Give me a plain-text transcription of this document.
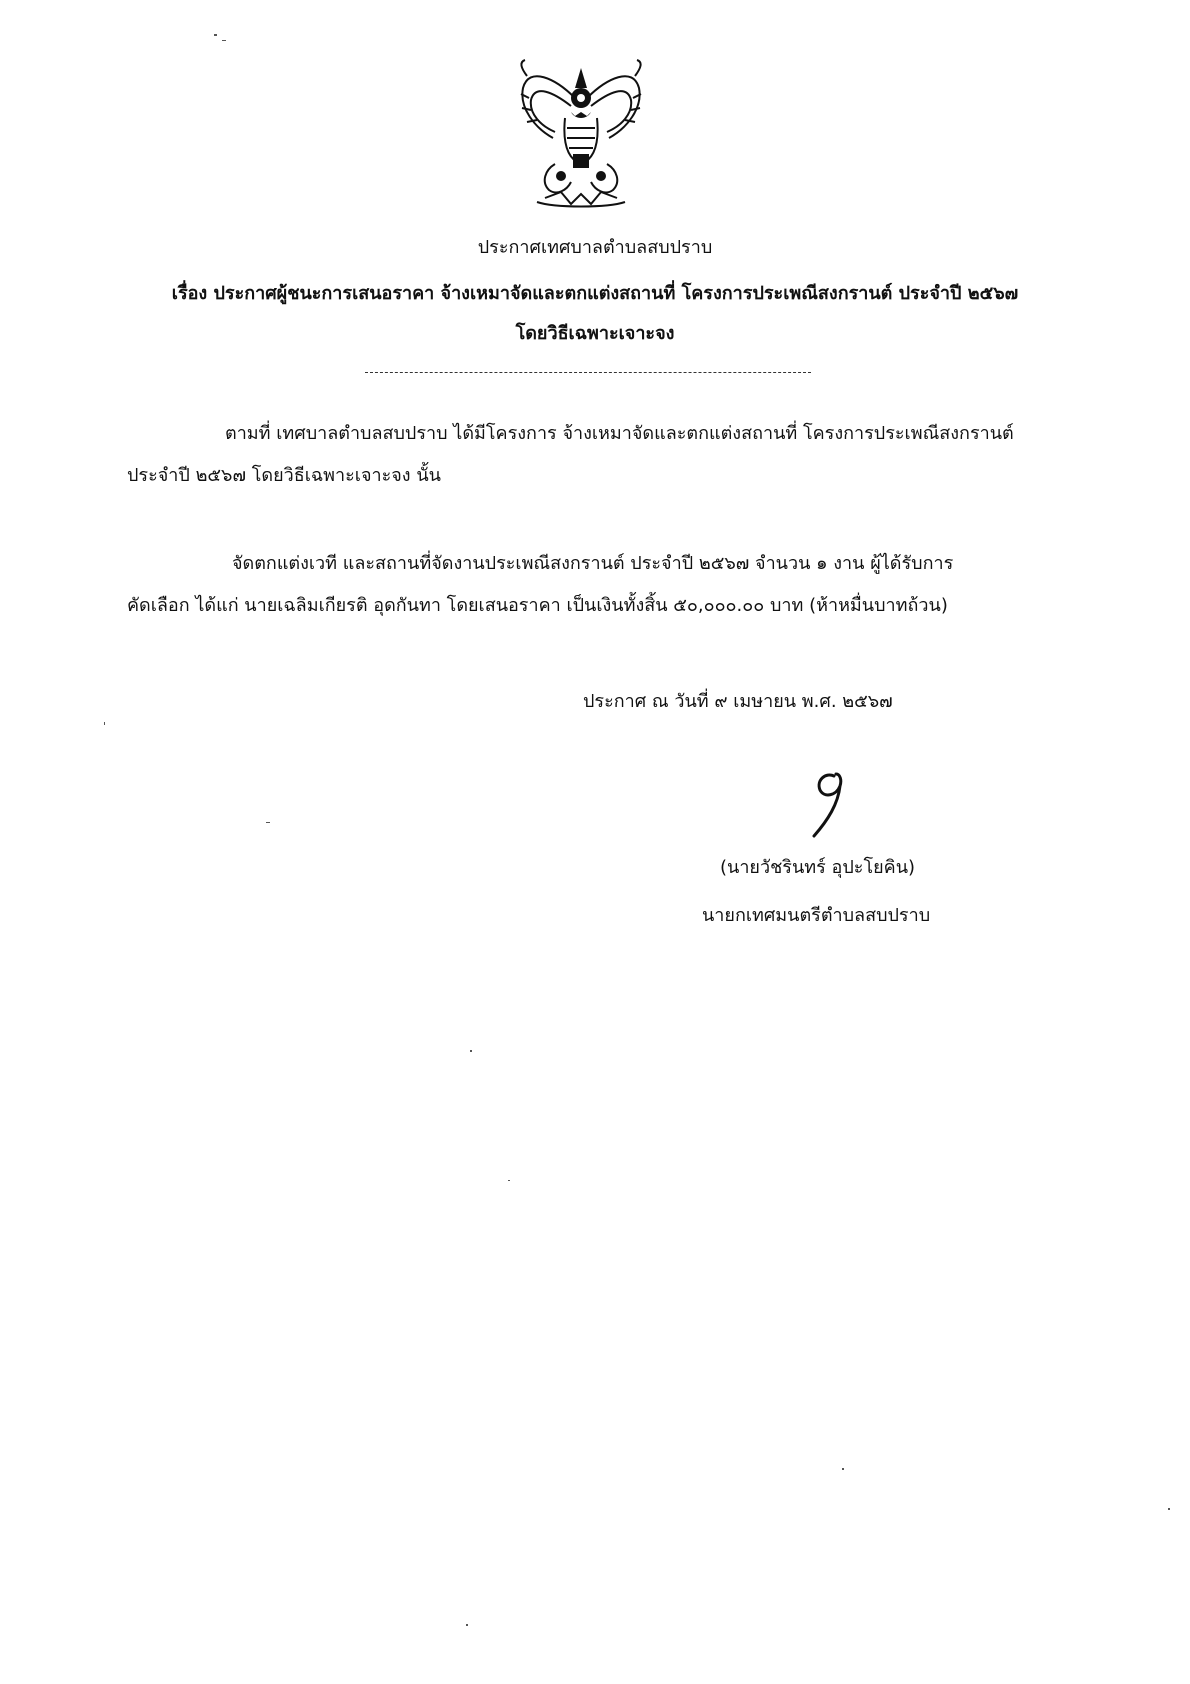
ประกาศเทศบาลตำบลสบปราบ
เรื่อง ประกาศผู้ชนะการเสนอราคา จ้างเหมาจัดและตกแต่งสถานที่ โครงการประเพณีสงกรานต์ ประจำปี ๒๕๖๗
โดยวิธีเฉพาะเจาะจง
ตามที่ เทศบาลตำบลสบปราบ ได้มีโครงการ จ้างเหมาจัดและตกแต่งสถานที่ โครงการประเพณีสงกรานต์
ประจำปี ๒๕๖๗ โดยวิธีเฉพาะเจาะจง นั้น
จัดตกแต่งเวที และสถานที่จัดงานประเพณีสงกรานต์ ประจำปี ๒๕๖๗ จำนวน ๑ งาน ผู้ได้รับการ
คัดเลือก ได้แก่ นายเฉลิมเกียรติ อุดกันทา โดยเสนอราคา เป็นเงินทั้งสิ้น ๕๐,๐๐๐.๐๐ บาท (ห้าหมื่นบาทถ้วน)
ประกาศ ณ วันที่ ๙ เมษายน พ.ศ. ๒๕๖๗
(นายวัชรินทร์ อุปะโยคิน)
นายกเทศมนตรีตำบลสบปราบ
